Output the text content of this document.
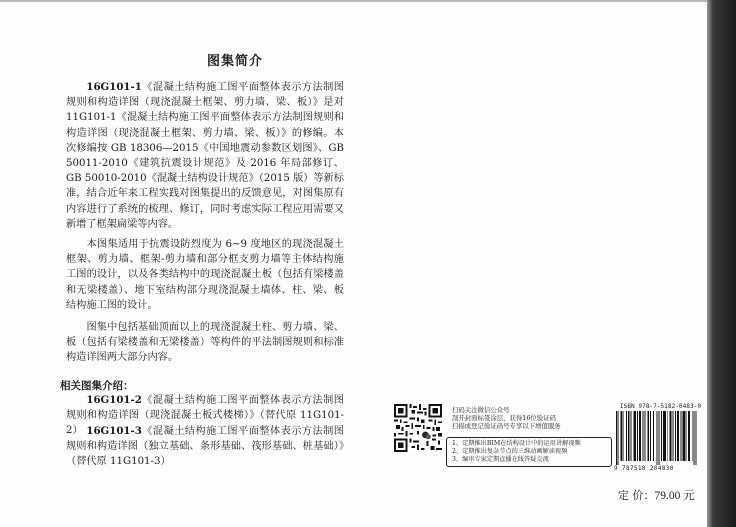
图集简介

  16G101-1《混凝土结构施工图平面整体表示方法制图规则和构造详图（现浇混凝土框架、剪力墙、梁、板）》是对11G101-1《混凝土结构施工图平面整体表示方法制图规则和构造详图（现浇混凝土框架、剪力墙、梁、板）》的修编。本次修编按 GB 18306—2015《中国地震动参数区划图》、GB 50011-2010《建筑抗震设计规范》及 2016 年局部修订、GB 50010-2010《混凝土结构设计规范》（2015 版）等新标准，结合近年来工程实践对图集提出的反馈意见，对图集原有内容进行了系统的梳理、修订，同时考虑实际工程应用需要又新增了框架扁梁等内容。

  本图集适用于抗震设防烈度为 6~9 度地区的现浇混凝土框架、剪力墙、框架-剪力墙和部分框支剪力墙等主体结构施工图的设计，以及各类结构中的现浇混凝土板（包括有梁楼盖和无梁楼盖）、地下室结构部分现浇混凝土墙体、柱、梁、板结构施工图的设计。

  图集中包括基础顶面以上的现浇混凝土柱、剪力墙、梁、板（包括有梁楼盖和无梁楼盖）等构件的平法制图规则和标准构造详图两大部分内容。

相关图集介绍：

  16G101-2《混凝土结构施工图平面整体表示方法制图规则和构造详图（现浇混凝土板式楼梯）》（替代原 11G101-2）

   16G101-3《混凝土结构施工图平面整体表示方法制图规则和构造详图（独立基础、条形基础、筏形基础、桩基础）》（替代原 11G101-3）

扫码关注微信公众号
刮开封面标签涂层，获得16位验证码
扫描或登记验证码号专享以下增值服务
1、定期推出BIM在结构设计中的运用讲解视频
2、定期推出复杂节点的三维动画解读视频
3、编审专家定期直播在线答疑交流
ISBN 978-7-5182-0483-0
9 787518 204830
定 价：79.00 元
